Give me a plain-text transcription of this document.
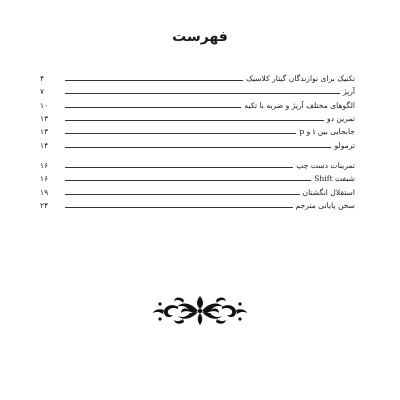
فهرست
تکنیک برای نوازندگان گیتار کلاسیک
۴
آرپژ
۷
الگوهای مختلف آرپژ و ضربه با تکیه
۱۰
تمرین دو
۱۳
جابجایی بین i و p
۱۳
ترمولو
۱۴
تمرینات دست چپ
۱۶
شیفت Shift
۱۶
استقلال انگشتان
۱۹
سخن پایانی مترجم
۲۴
